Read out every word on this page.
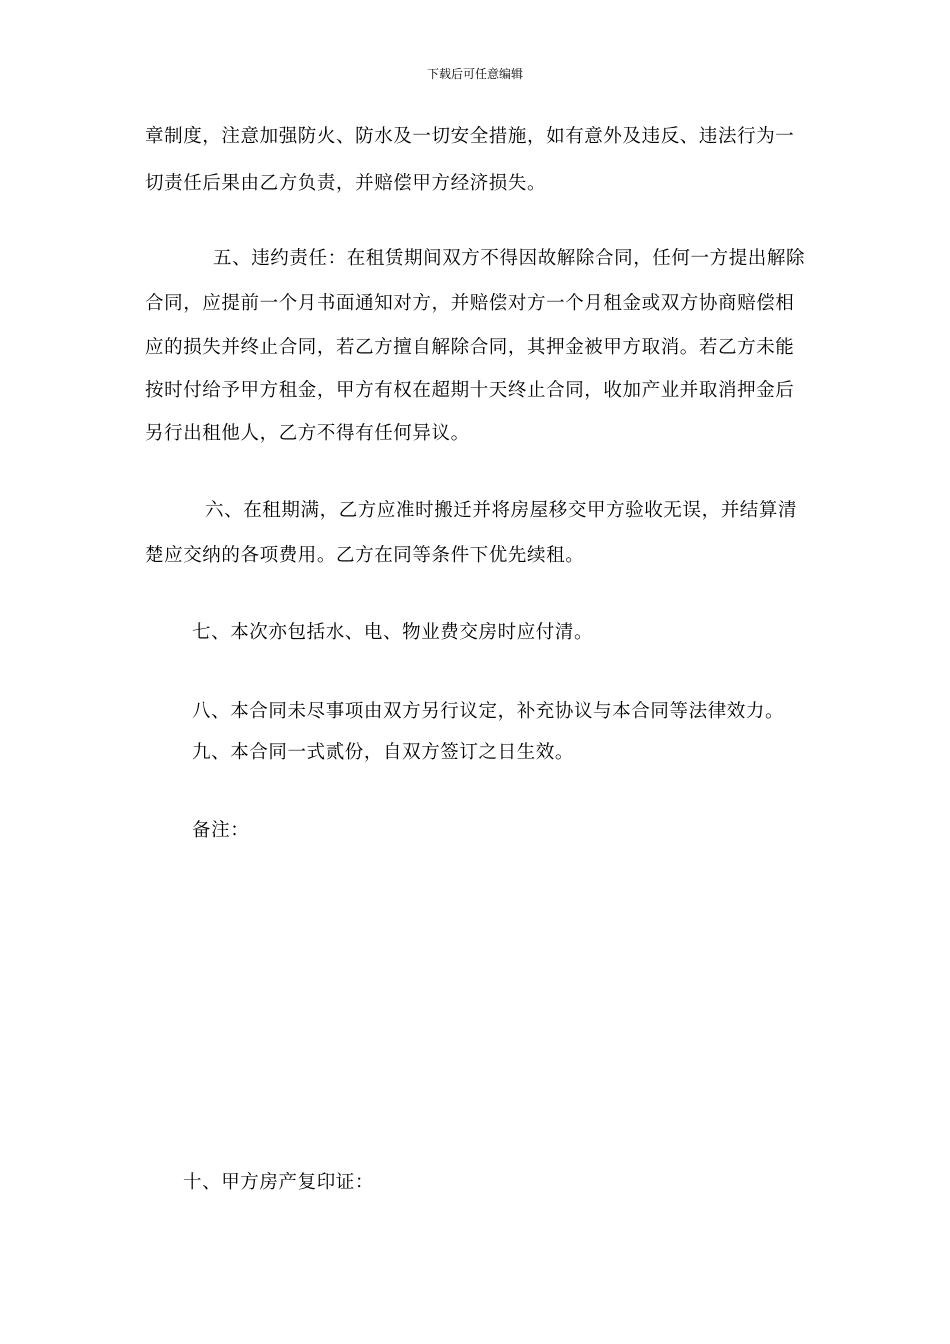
下载后可任意编辑
章制度，注意加强防火、防水及一切安全措施，如有意外及违反、违法行为一
切责任后果由乙方负责，并赔偿甲方经济损失。
五、违约责任：在租赁期间双方不得因故解除合同，任何一方提出解除
合同，应提前一个月书面通知对方，并赔偿对方一个月租金或双方协商赔偿相
应的损失并终止合同，若乙方擅自解除合同，其押金被甲方取消。若乙方未能
按时付给予甲方租金，甲方有权在超期十天终止合同，收加产业并取消押金后
另行出租他人，乙方不得有任何异议。
六、在租期满，乙方应准时搬迁并将房屋移交甲方验收无误，并结算清
楚应交纳的各项费用。乙方在同等条件下优先续租。
七、本次亦包括水、电、物业费交房时应付清。
八、本合同未尽事项由双方另行议定，补充协议与本合同等法律效力。
九、本合同一式贰份，自双方签订之日生效。
备注：
十、甲方房产复印证：
